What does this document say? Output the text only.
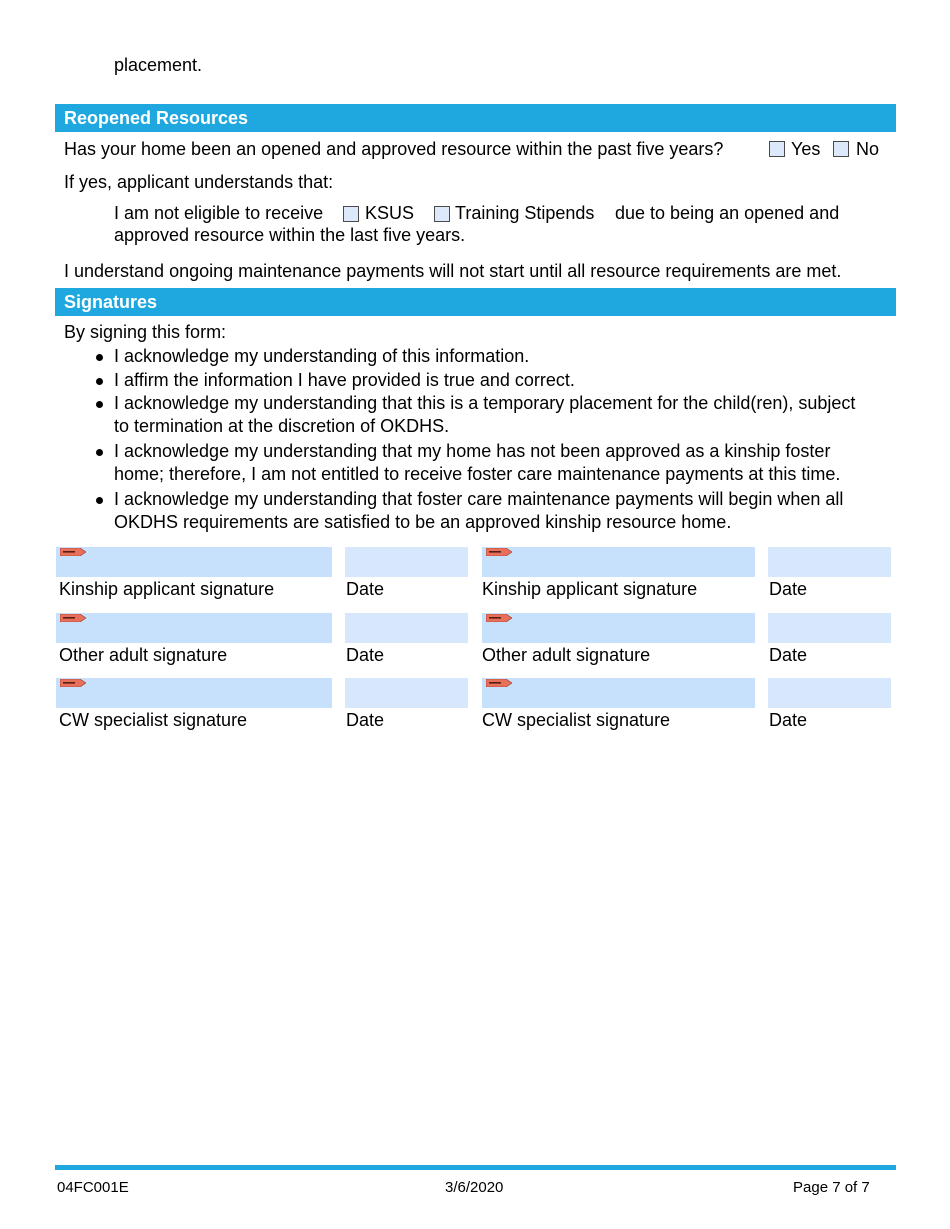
placement.
Reopened Resources
Has your home been an opened and approved resource within the past five years?	Yes No
If yes, applicant understands that:
I am not eligible to receive KSUS Training Stipends due to being an opened and
approved resource within the last five years.
I understand ongoing maintenance payments will not start until all resource requirements are met.
Signatures
By signing this form:
I acknowledge my understanding of this information.
I affirm the information I have provided is true and correct.
I acknowledge my understanding that this is a temporary placement for the child(ren), subject
to termination at the discretion of OKDHS.
I acknowledge my understanding that my home has not been approved as a kinship foster
home; therefore, I am not entitled to receive foster care maintenance payments at this time.
I acknowledge my understanding that foster care maintenance payments will begin when all
OKDHS requirements are satisfied to be an approved kinship resource home.
Kinship applicant signature	Date	Kinship applicant signature	Date
Other adult signature	Date	Other adult signature	Date
CW specialist signature	Date	CW specialist signature	Date
04FC001E	3/6/2020	Page 7 of 7
